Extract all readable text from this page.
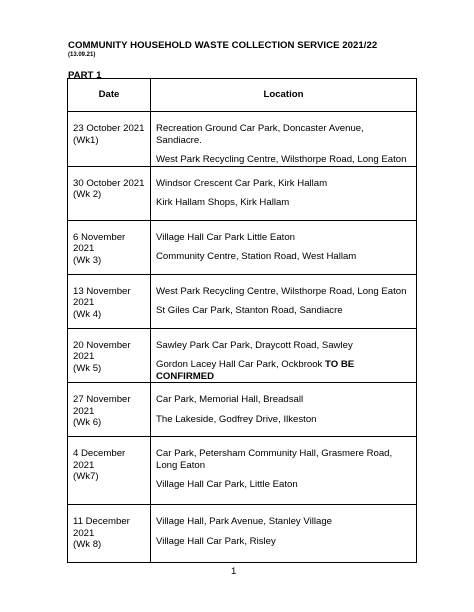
COMMUNITY HOUSEHOLD WASTE COLLECTION SERVICE 2021/22
(13.09.21)
PART 1
Date	Location

23 October 2021
(Wk1)	Recreation Ground Car Park, Doncaster Avenue, Sandiacre.
West Park Recycling Centre, Wilsthorpe Road, Long Eaton

30 October 2021
(Wk 2)	Windsor Crescent Car Park, Kirk Hallam
Kirk Hallam Shops, Kirk Hallam

6 November 2021
(Wk 3)	Village Hall Car Park Little Eaton
Community Centre, Station Road, West Hallam

13 November
2021
(Wk 4)	West Park Recycling Centre, Wilsthorpe Road, Long Eaton
St Giles Car Park, Stanton Road, Sandiacre

20 November
2021
(Wk 5)	Sawley Park Car Park, Draycott Road, Sawley
Gordon Lacey Hall Car Park, Ockbrook TO BE CONFIRMED

27 November
2021
(Wk 6)	Car Park, Memorial Hall, Breadsall
The Lakeside, Godfrey Drive, Ilkeston

4 December 2021
(Wk7)	Car Park, Petersham Community Hall, Grasmere Road, Long Eaton
Village Hall Car Park, Little Eaton

11 December
2021
(Wk 8)	Village Hall, Park Avenue, Stanley Village
Village Hall Car Park, Risley
1
